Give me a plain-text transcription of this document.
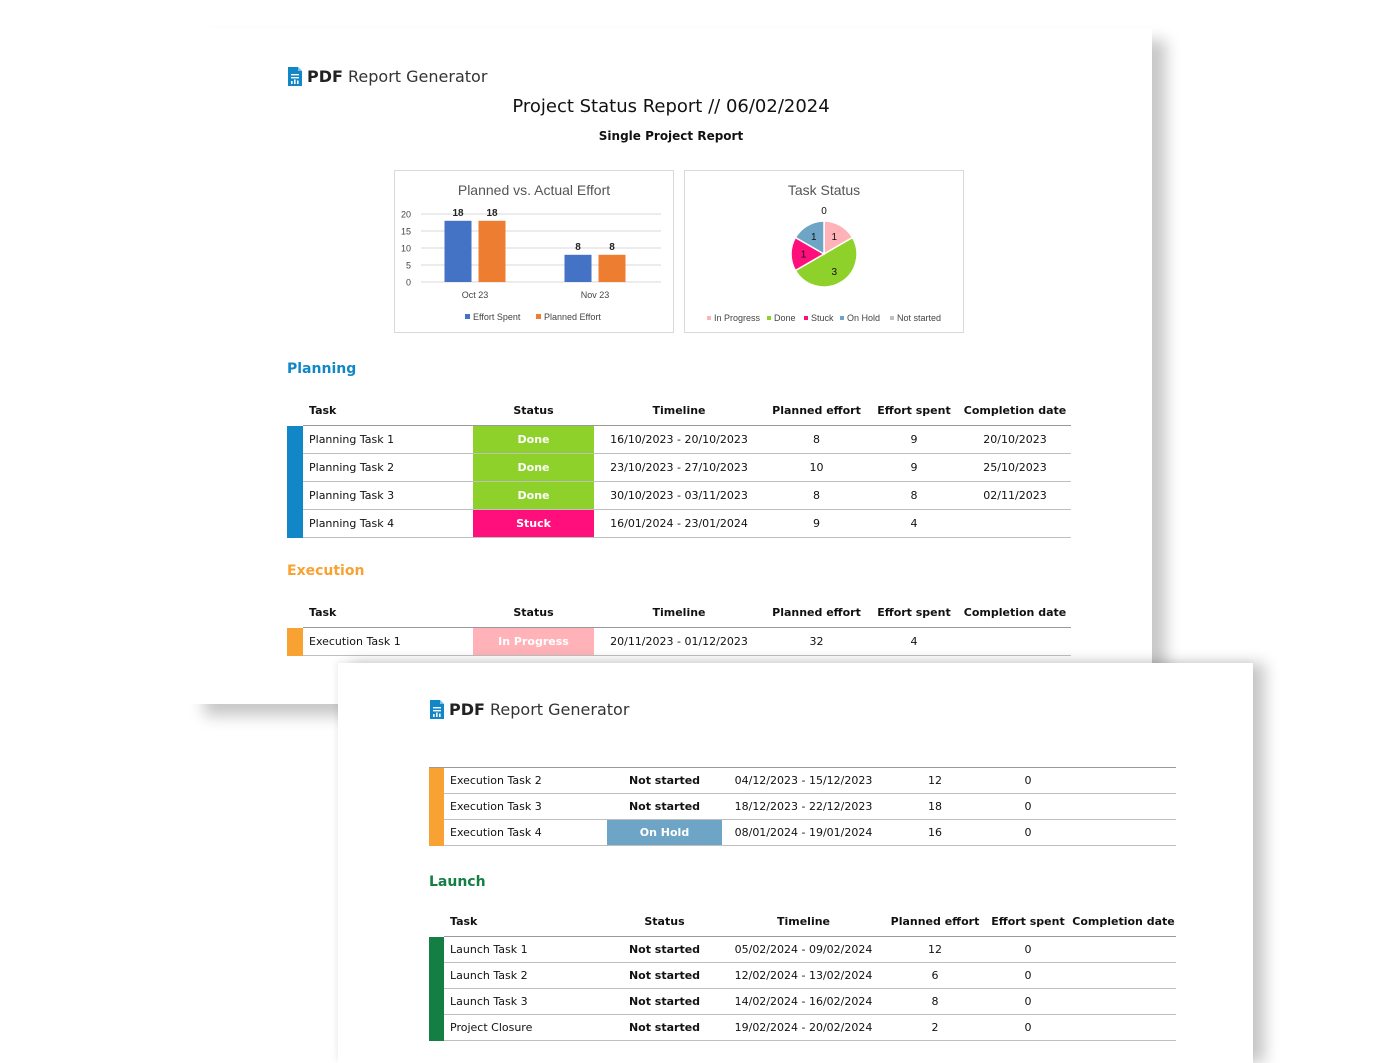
PDF Report Generator
Project Status Report // 06/02/2024
Single Project Report
Planned vs. Actual Effort
0
5
10
15
20
Oct 23	Nov 23
18 18
8	8
Effort Spent	Planned Effort
Task Status
1
3
1
1
0
In Progress Done Stuck On Hold Not started
Planning
	Task	Status	Timeline	Planned effort	Effort spent	Completion date
	Planning Task 1	Done	16/10/2023 - 20/10/2023	8	9	20/10/2023
	Planning Task 2	Done	23/10/2023 - 27/10/2023	10	9	25/10/2023
	Planning Task 3	Done	30/10/2023 - 03/11/2023	8	8	02/11/2023
	Planning Task 4	Stuck	16/01/2024 - 23/01/2024	9	4	
Execution
	Task	Status	Timeline	Planned effort	Effort spent	Completion date
	Execution Task 1	In Progress	20/11/2023 - 01/12/2023	32	4	
PDF Report Generator
	Execution Task 2	Not started	04/12/2023 - 15/12/2023	12	0	
	Execution Task 3	Not started	18/12/2023 - 22/12/2023	18	0	
	Execution Task 4	On Hold	08/01/2024 - 19/01/2024	16	0	
Launch
	Task	Status	Timeline	Planned effort	Effort spent	Completion date
	Launch Task 1	Not started	05/02/2024 - 09/02/2024	12	0	
	Launch Task 2	Not started	12/02/2024 - 13/02/2024	6	0	
	Launch Task 3	Not started	14/02/2024 - 16/02/2024	8	0	
	Project Closure	Not started	19/02/2024 - 20/02/2024	2	0	
